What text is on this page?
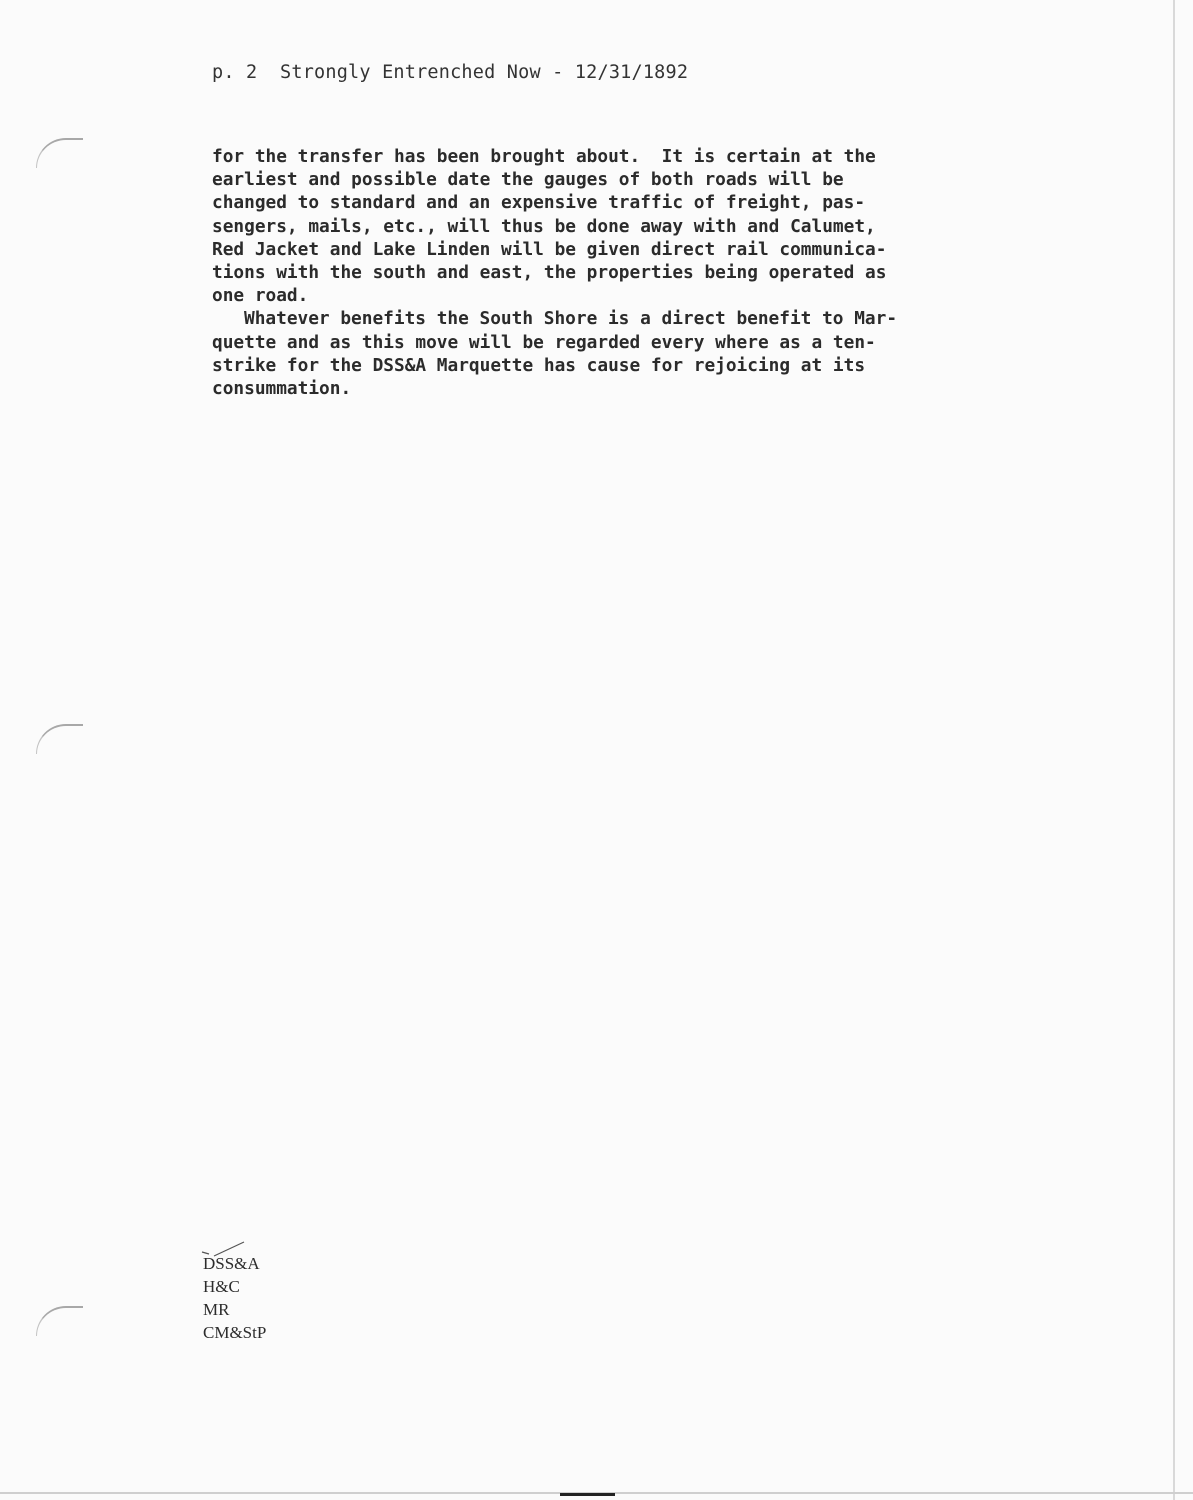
p. 2  Strongly Entrenched Now - 12/31/1892
for the transfer has been brought about.  It is certain at the
earliest and possible date the gauges of both roads will be
changed to standard and an expensive traffic of freight, pas-
sengers, mails, etc., will thus be done away with and Calumet,
Red Jacket and Lake Linden will be given direct rail communica-
tions with the south and east, the properties being operated as
one road.
Whatever benefits the South Shore is a direct benefit to Mar-
quette and as this move will be regarded every where as a ten-
strike for the DSS&A Marquette has cause for rejoicing at its
consummation.
DSS&A
H&C
MR
CM&StP
